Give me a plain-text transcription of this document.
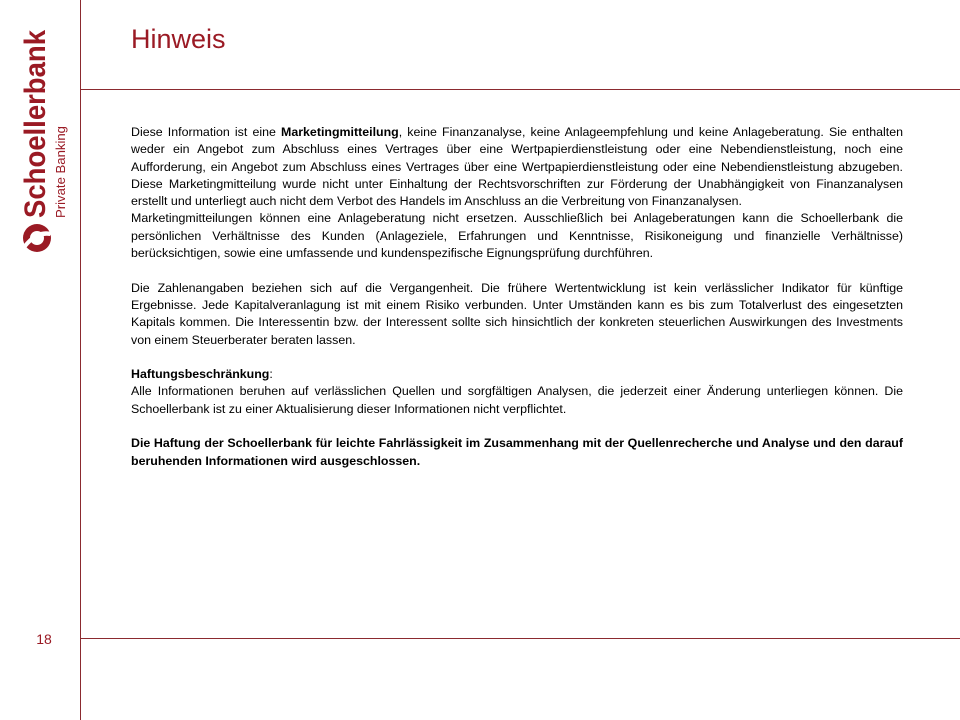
Hinweis
Schoellerbank Private Banking
18

Diese Information ist eine Marketingmitteilung, keine Finanzanalyse, keine Anlageempfehlung und keine Anlageberatung. Sie enthalten weder ein Angebot zum Abschluss eines Vertrages über eine Wertpapierdienstleistung oder eine Nebendienstleistung, noch eine Aufforderung, ein Angebot zum Abschluss eines Vertrages über eine Wertpapierdienstleistung oder eine Nebendienstleistung abzugeben. Diese Marketingmitteilung wurde nicht unter Einhaltung der Rechtsvorschriften zur Förderung der Unabhängigkeit von Finanzanalysen erstellt und unterliegt auch nicht dem Verbot des Handels im Anschluss an die Verbreitung von Finanzanalysen.

Marketingmitteilungen können eine Anlageberatung nicht ersetzen. Ausschließlich bei Anlageberatungen kann die Schoellerbank die persönlichen Verhältnisse des Kunden (Anlageziele, Erfahrungen und Kenntnisse, Risikoneigung und finanzielle Verhältnisse) berücksichtigen, sowie eine umfassende und kundenspezifische Eignungsprüfung durchführen.

Die Zahlenangaben beziehen sich auf die Vergangenheit. Die frühere Wertentwicklung ist kein verlässlicher Indikator für künftige Ergebnisse. Jede Kapitalveranlagung ist mit einem Risiko verbunden. Unter Umständen kann es bis zum Totalverlust des eingesetzten Kapitals kommen. Die Interessentin bzw. der Interessent sollte sich hinsichtlich der konkreten steuerlichen Auswirkungen des Investments von einem Steuerberater beraten lassen.

Haftungsbeschränkung:

Alle Informationen beruhen auf verlässlichen Quellen und sorgfältigen Analysen, die jederzeit einer Änderung unterliegen können. Die Schoellerbank ist zu einer Aktualisierung dieser Informationen nicht verpflichtet.

Die Haftung der Schoellerbank für leichte Fahrlässigkeit im Zusammenhang mit der Quellenrecherche und Analyse und den darauf beruhenden Informationen wird ausgeschlossen.
